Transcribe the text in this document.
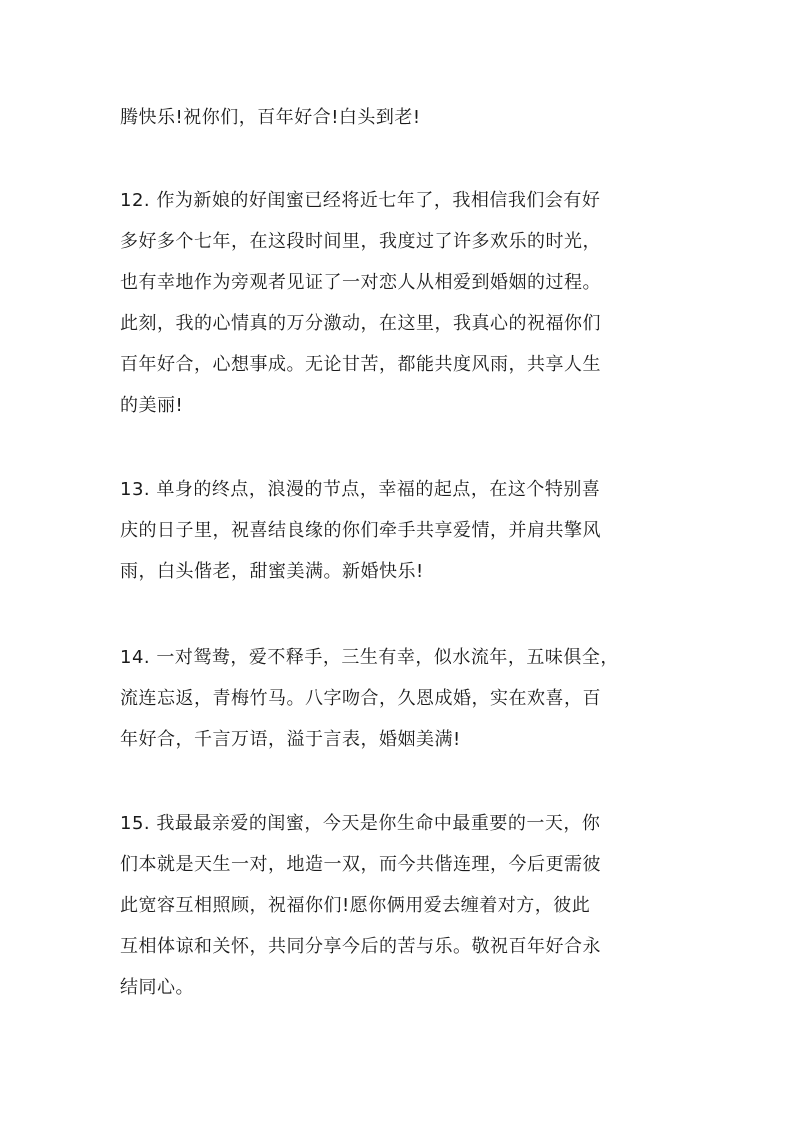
腾快乐!祝你们，百年好合!白头到老!
12. 作为新娘的好闺蜜已经将近七年了，我相信我们会有好
多好多个七年，在这段时间里，我度过了许多欢乐的时光，
也有幸地作为旁观者见证了一对恋人从相爱到婚姻的过程。
此刻，我的心情真的万分激动，在这里，我真心的祝福你们
百年好合，心想事成。无论甘苦，都能共度风雨，共享人生
的美丽!
13. 单身的终点，浪漫的节点，幸福的起点，在这个特别喜
庆的日子里，祝喜结良缘的你们牵手共享爱情，并肩共擎风
雨，白头偕老，甜蜜美满。新婚快乐!
14. 一对鸳鸯，爱不释手，三生有幸，似水流年，五味俱全，
流连忘返，青梅竹马。八字吻合，久恩成婚，实在欢喜，百
年好合，千言万语，溢于言表，婚姻美满!
15. 我最最亲爱的闺蜜，今天是你生命中最重要的一天，你
们本就是天生一对，地造一双，而今共偕连理，今后更需彼
此宽容互相照顾，祝福你们!愿你俩用爱去缠着对方，彼此
互相体谅和关怀，共同分享今后的苦与乐。敬祝百年好合永
结同心。
